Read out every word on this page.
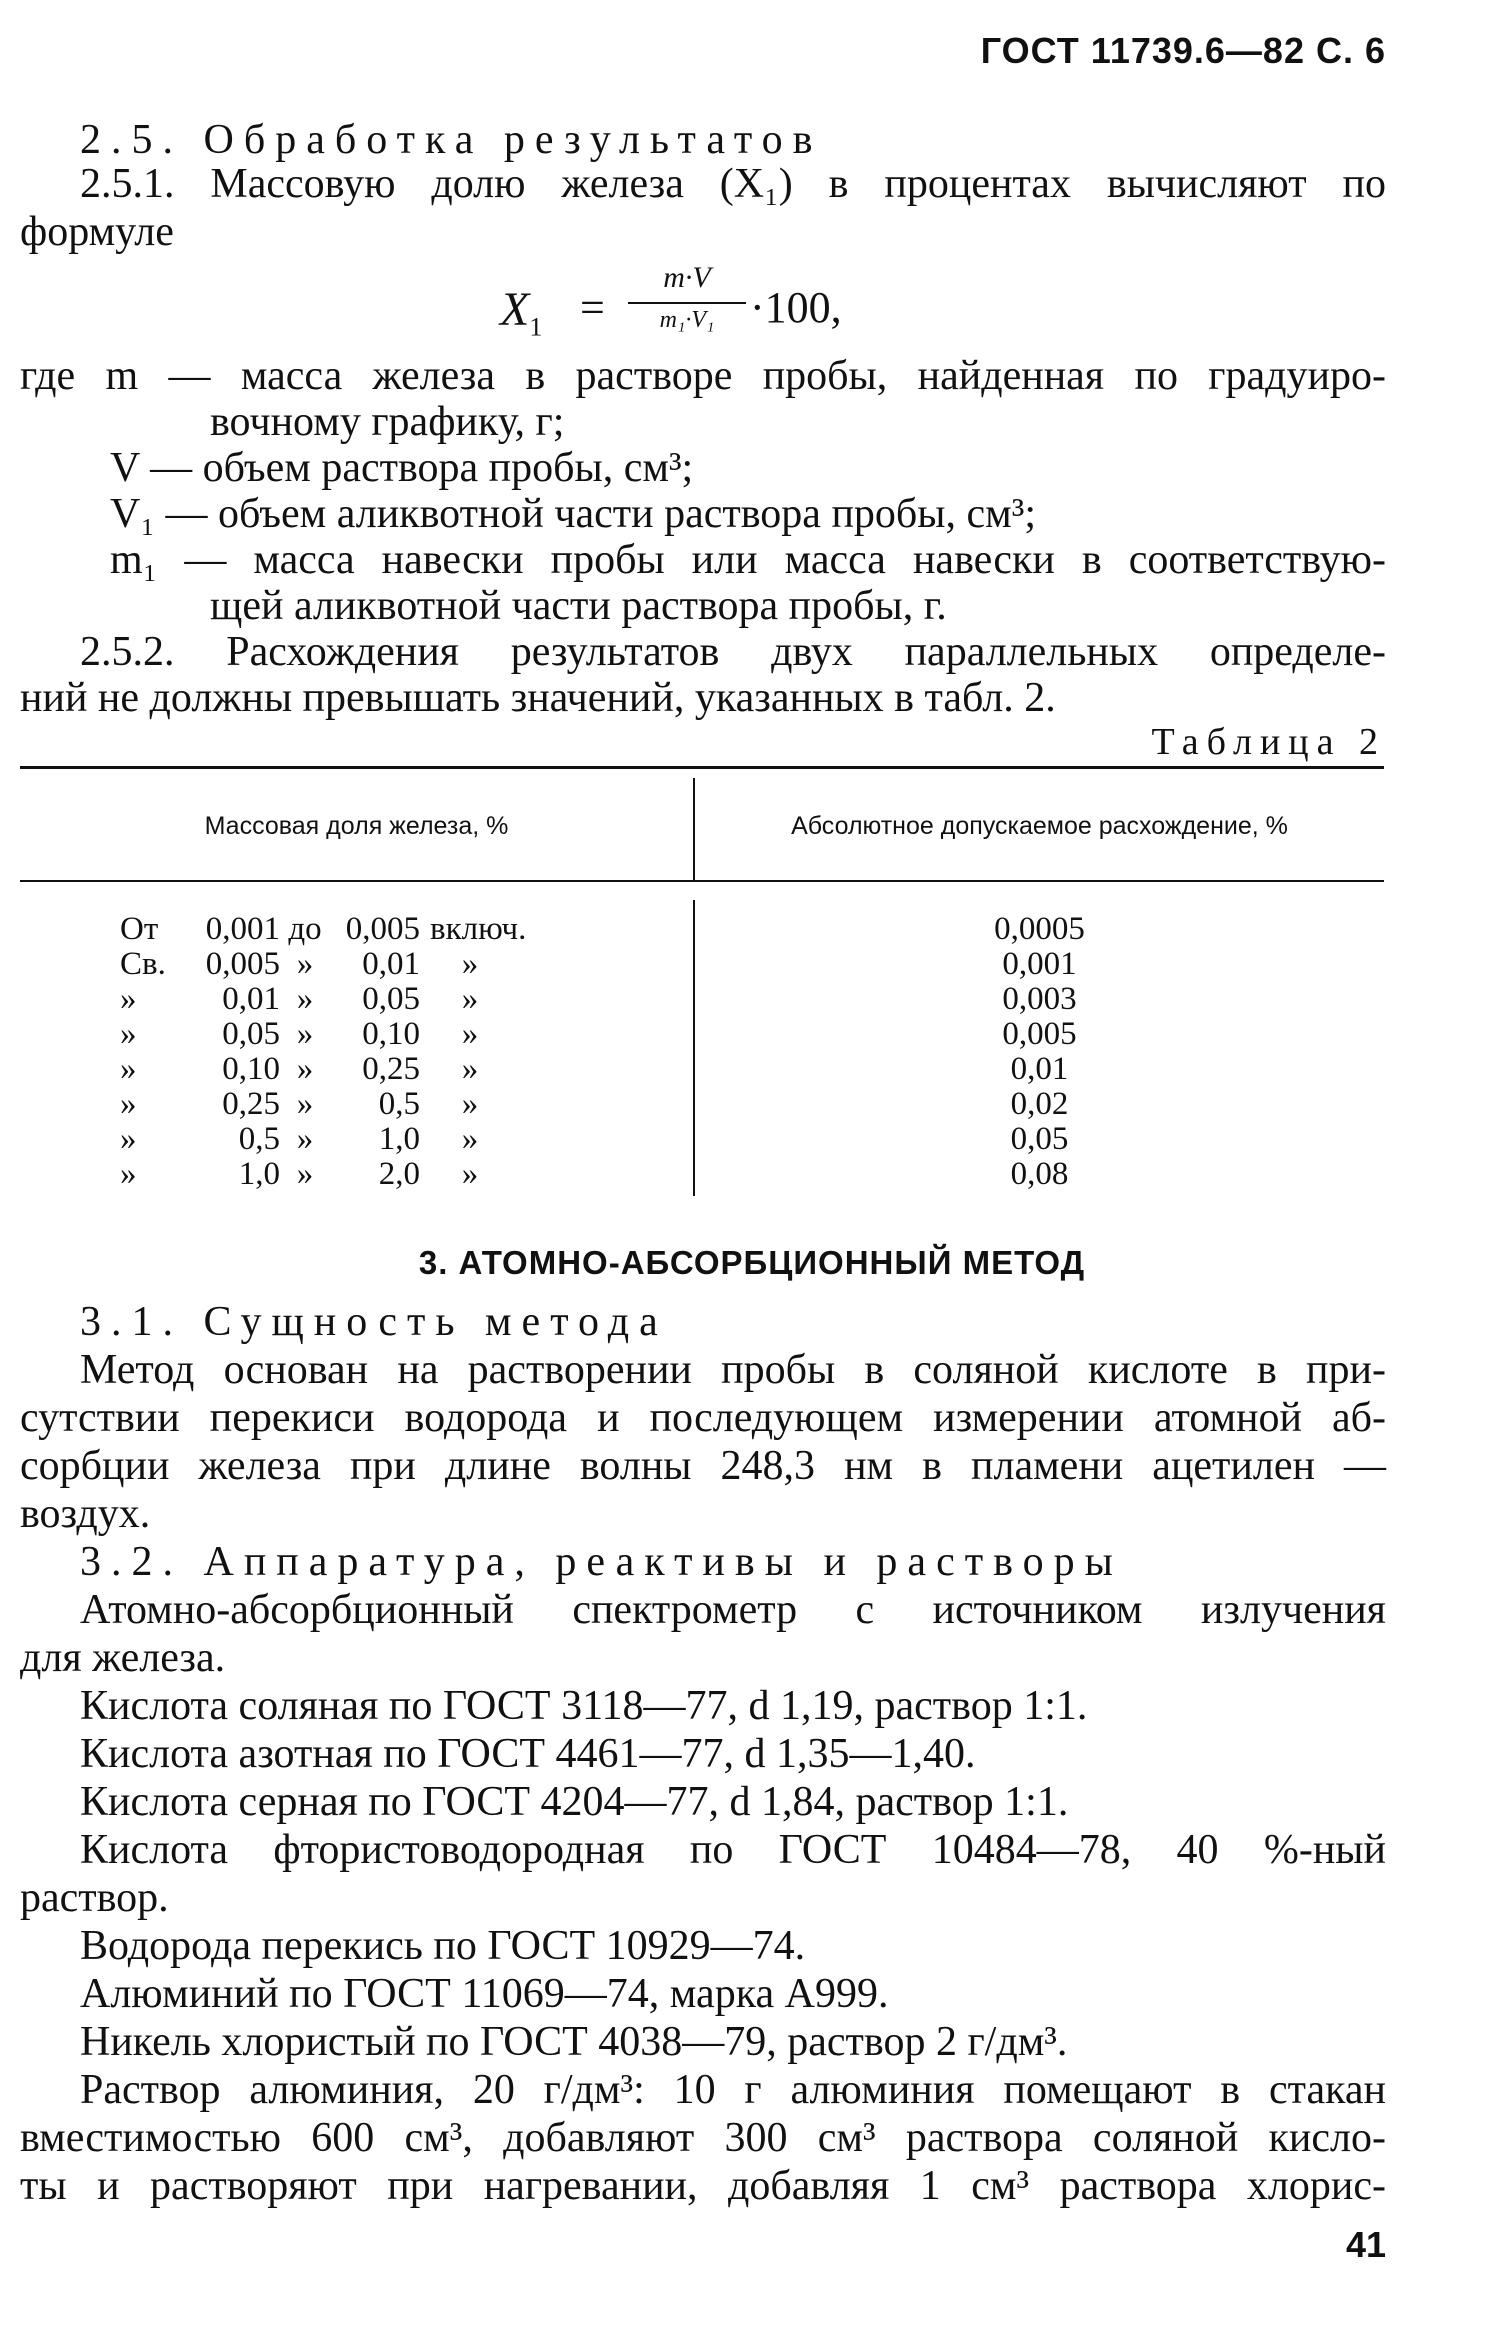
ГОСТ 11739.6—82 С. 6
2.5. Обработка результатов
2.5.1. Массовую долю железа (X₁) в процентах вычисляют по
формуле
$X_1$ =
m·V
m₁·V₁ ·100,
где m — масса железа в растворе пробы, найденная по градуиро-
вочному графику, г;
V — объем раствора пробы, см³;
V₁ — объем аликвотной части раствора пробы, см³;
m₁ — масса навески пробы или масса навески в соответствую-
щей аликвотной части раствора пробы, г.
2.5.2. Расхождения результатов двух параллельных определе-
ний не должны превышать значений, указанных в табл. 2.
Таблица 2
Массовая доля железа, %	Абсолютное допускаемое расхождение, %
От	0,001 до 0,005 включ.	0,0005
Св.	0,005 »	0,01	»	0,001
»	0,01 »	0,05	»	0,003
»	0,05 »	0,10	»	0,005
»	0,10 »	0,25	»	0,01
»	0,25 »	0,5	»	0,02
»	0,5 »	1,0	»	0,05
»	1,0 »	2,0	»	0,08
3. АТОМНО-АБСОРБЦИОННЫЙ МЕТОД
3.1. Сущность метода
Метод основан на растворении пробы в соляной кислоте в при-
сутствии перекиси водорода и последующем измерении атомной аб-
сорбции железа при длине волны 248,3 нм в пламени ацетилен —
воздух.
3.2. Аппаратура, реактивы и растворы
Атомно-абсорбционный спектрометр с источником излучения
для железа.
Кислота соляная по ГОСТ 3118—77, d 1,19, раствор 1:1.
Кислота азотная по ГОСТ 4461—77, d 1,35—1,40.
Кислота серная по ГОСТ 4204—77, d 1,84, раствор 1:1.
Кислота фтористоводородная по ГОСТ 10484—78, 40 %-ный
раствор.
Водорода перекись по ГОСТ 10929—74.
Алюминий по ГОСТ 11069—74, марка А999.
Никель хлористый по ГОСТ 4038—79, раствор 2 г/дм³.
Раствор алюминия, 20 г/дм³: 10 г алюминия помещают в стакан
вместимостью 600 см³, добавляют 300 см³ раствора соляной кисло-
ты и растворяют при нагревании, добавляя 1 см³ раствора хлорис-
41
